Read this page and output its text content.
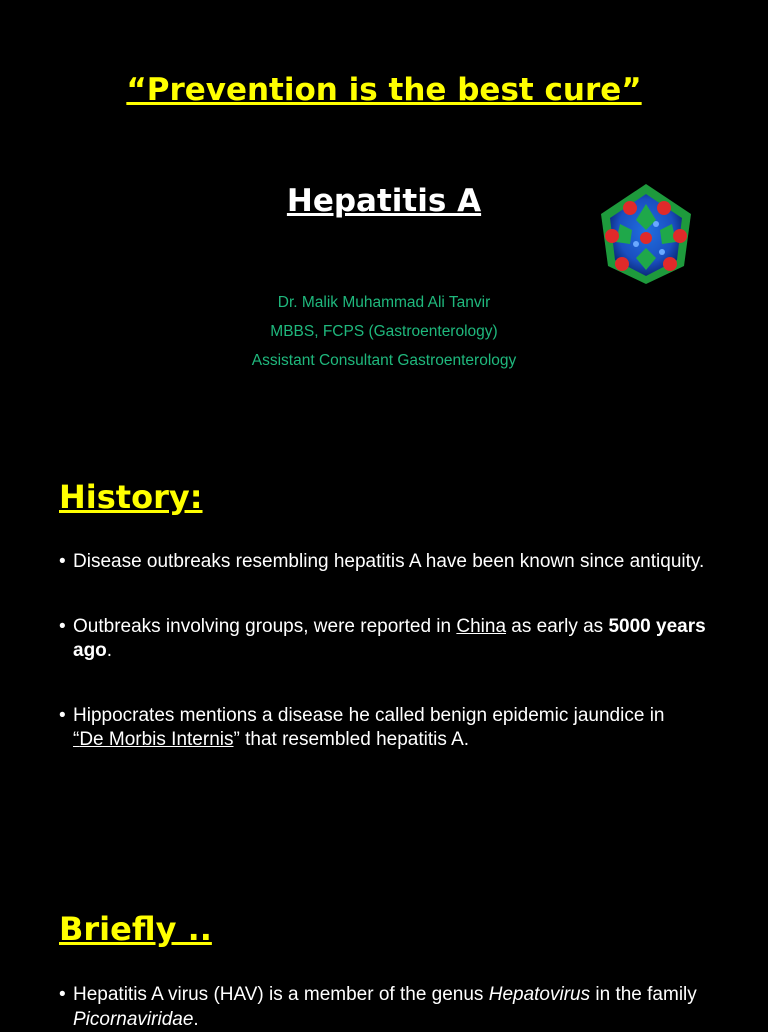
“Prevention is the best cure”
Hepatitis A
Dr. Malik Muhammad Ali Tanvir
MBBS, FCPS (Gastroenterology)
Assistant Consultant Gastroenterology
History:
• Disease outbreaks resembling hepatitis A have been known since antiquity.
• Outbreaks involving groups, were reported in China as early as 5000 years ago.
• Hippocrates mentions a disease he called benign epidemic jaundice in
“De Morbis Internis” that resembled hepatitis A.
Briefly ..
• Hepatitis A virus (HAV) is a member of the genus Hepatovirus in the family Picornaviridae.
